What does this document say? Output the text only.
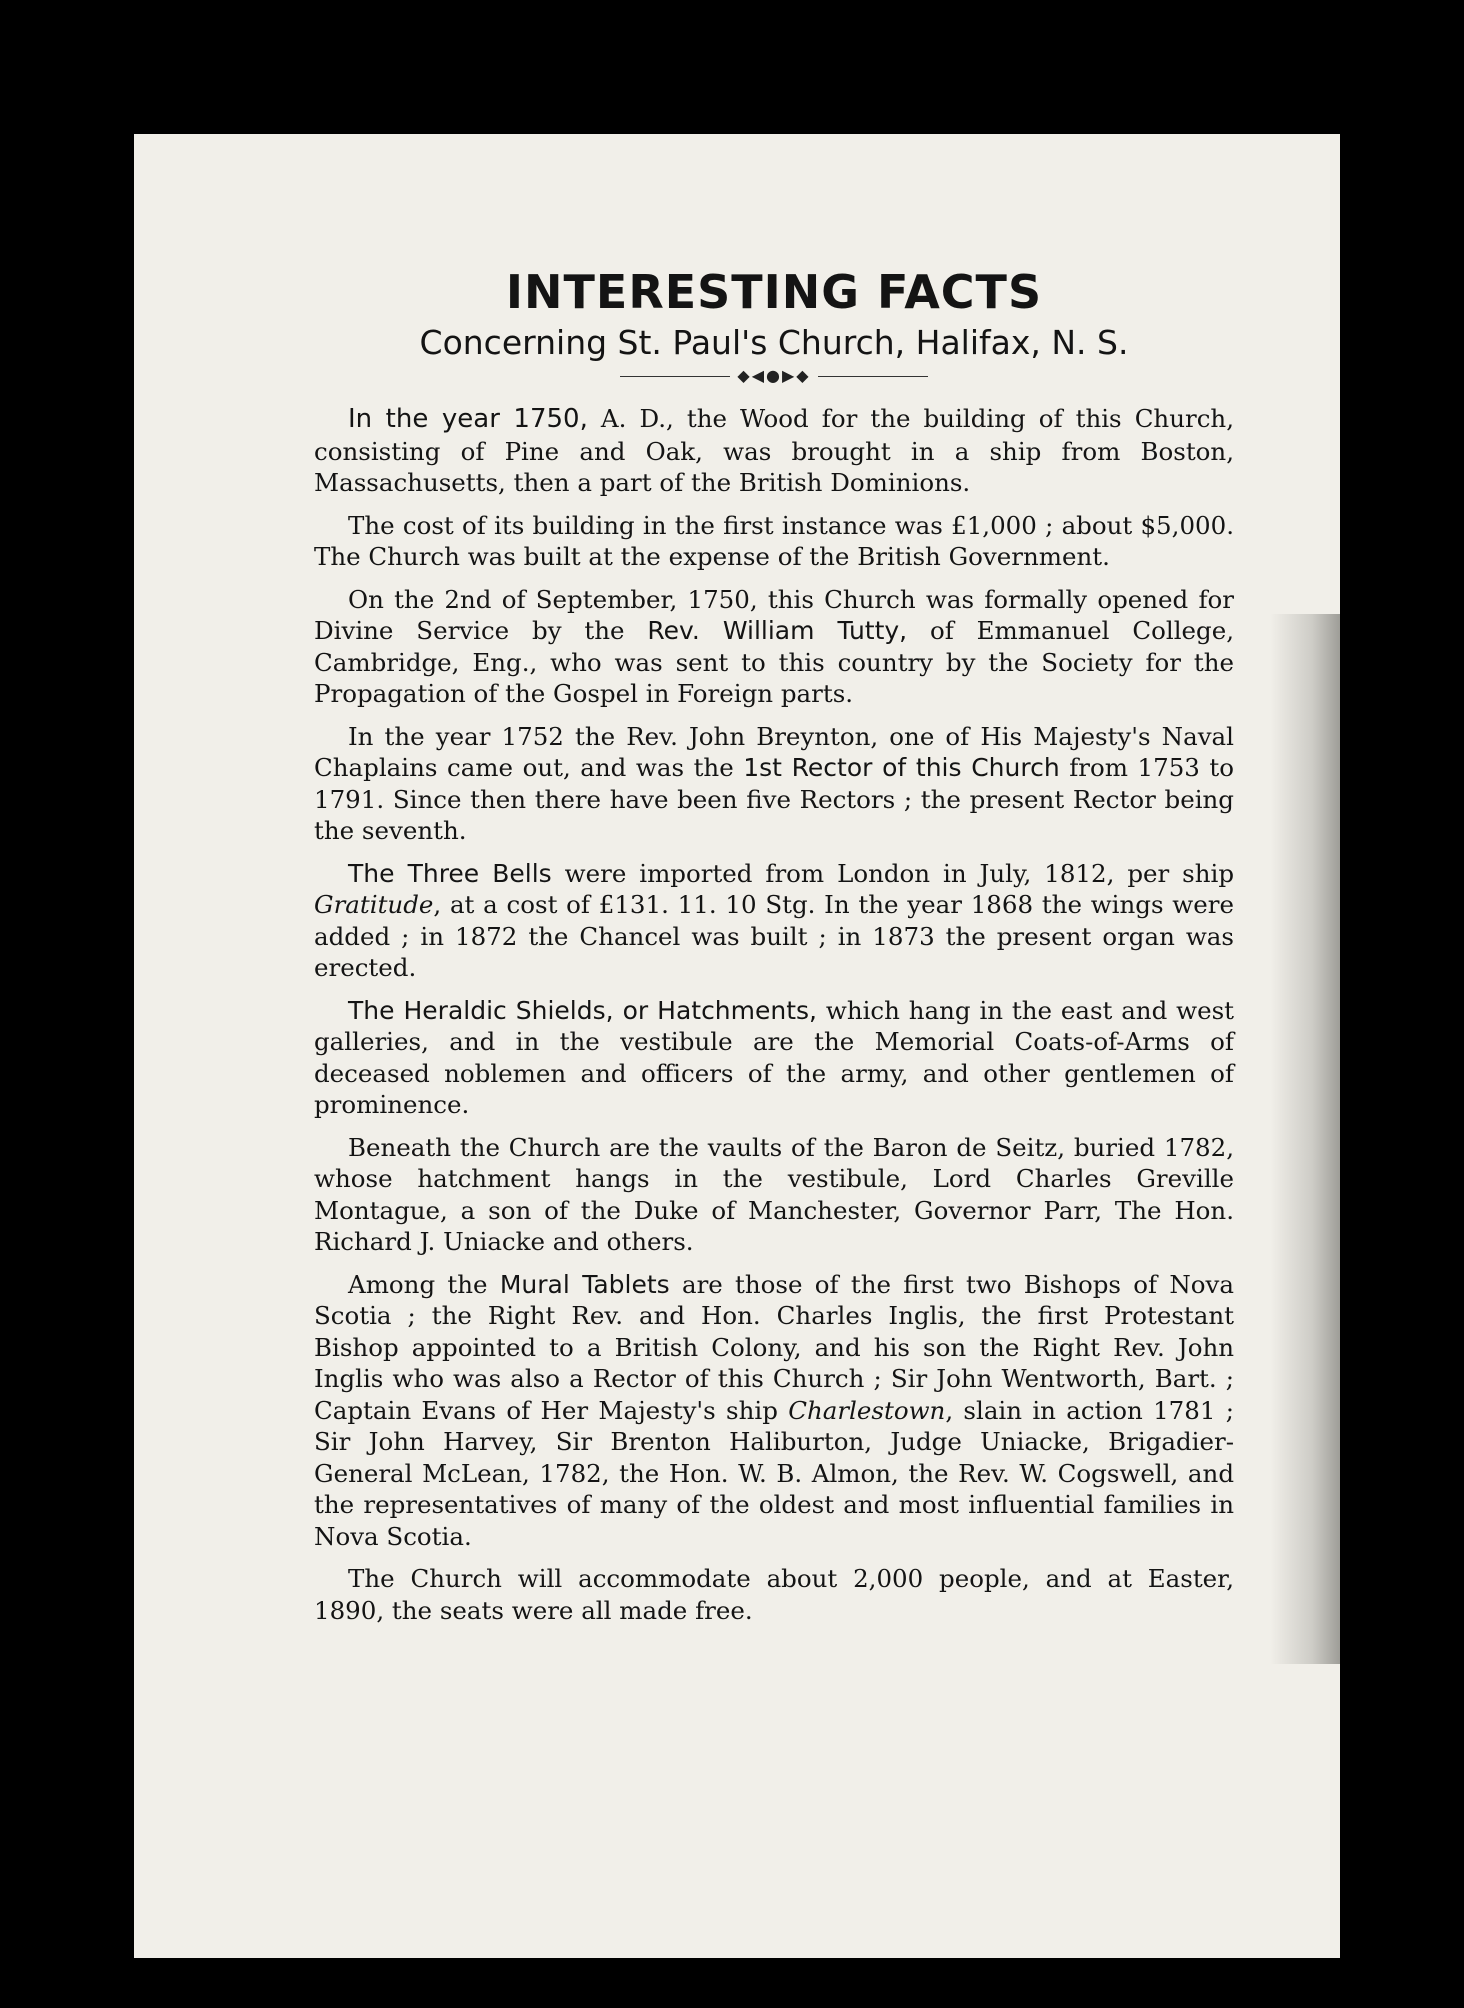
INTERESTING FACTS
Concerning St. Paul's Church, Halifax, N. S.
◆◀●▶◆

In the year 1750, A. D., the Wood for the building of this Church, consisting of Pine and Oak, was brought in a ship from Boston, Massachusetts, then a part of the British Dominions.

The cost of its building in the first instance was £1,000 ; about $5,000. The Church was built at the expense of the British Government.

On the 2nd of September, 1750, this Church was formally opened for Divine Service by the Rev. William Tutty, of Emmanuel College, Cambridge, Eng., who was sent to this country by the Society for the Propagation of the Gospel in Foreign parts.

In the year 1752 the Rev. John Breynton, one of His Majesty's Naval Chaplains came out, and was the 1st Rector of this Church from 1753 to 1791. Since then there have been five Rectors ; the present Rector being the seventh.

The Three Bells were imported from London in July, 1812, per ship Gratitude, at a cost of £131. 11. 10 Stg. In the year 1868 the wings were added ; in 1872 the Chancel was built ; in 1873 the present organ was erected.

The Heraldic Shields, or Hatchments, which hang in the east and west galleries, and in the vestibule are the Memorial Coats-of-Arms of deceased noblemen and officers of the army, and other gentlemen of prominence.

Beneath the Church are the vaults of the Baron de Seitz, buried 1782, whose hatchment hangs in the vestibule, Lord Charles Greville Montague, a son of the Duke of Manchester, Governor Parr, The Hon. Richard J. Uniacke and others.

Among the Mural Tablets are those of the first two Bishops of Nova Scotia ; the Right Rev. and Hon. Charles Inglis, the first Protestant Bishop appointed to a British Colony, and his son the Right Rev. John Inglis who was also a Rector of this Church ; Sir John Wentworth, Bart. ; Captain Evans of Her Majesty's ship Charlestown, slain in action 1781 ; Sir John Harvey, Sir Brenton Haliburton, Judge Uniacke, Brigadier-General McLean, 1782, the Hon. W. B. Almon, the Rev. W. Cogswell, and the representatives of many of the oldest and most influential families in Nova Scotia.

The Church will accommodate about 2,000 people, and at Easter, 1890, the seats were all made free.
